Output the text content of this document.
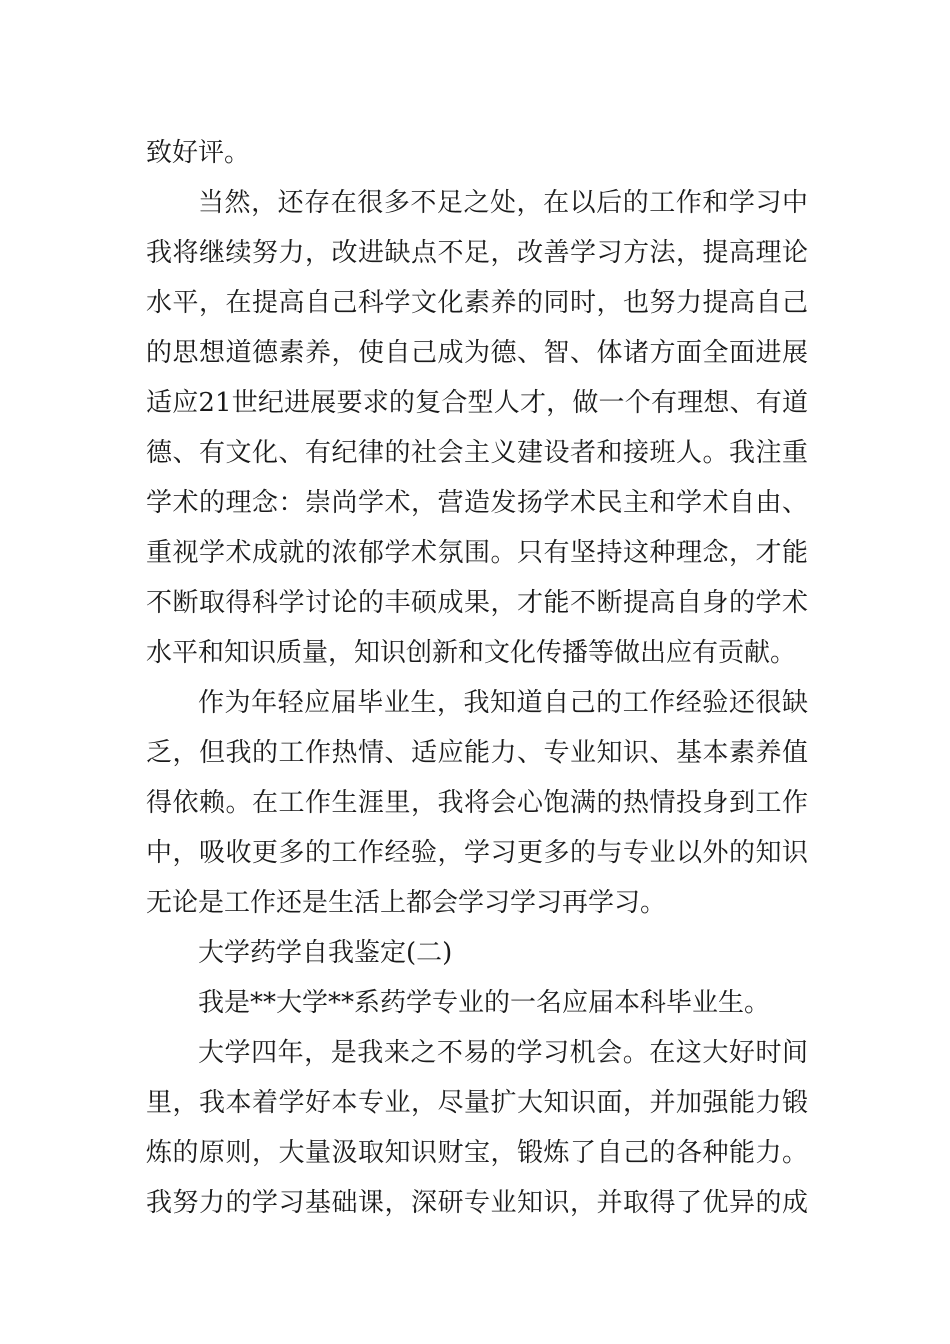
致好评。
当然，还存在很多不足之处，在以后的工作和学习中
我将继续努力，改进缺点不足，改善学习方法，提高理论
水平，在提高自己科学文化素养的同时，也努力提高自己
的思想道德素养，使自己成为德、智、体诸方面全面进展
适应21世纪进展要求的复合型人才，做一个有理想、有道
德、有文化、有纪律的社会主义建设者和接班人。我注重
学术的理念：崇尚学术，营造发扬学术民主和学术自由、
重视学术成就的浓郁学术氛围。只有坚持这种理念，才能
不断取得科学讨论的丰硕成果，才能不断提高自身的学术
水平和知识质量，知识创新和文化传播等做出应有贡献。
作为年轻应届毕业生，我知道自己的工作经验还很缺
乏，但我的工作热情、适应能力、专业知识、基本素养值
得依赖。在工作生涯里，我将会心饱满的热情投身到工作
中，吸收更多的工作经验，学习更多的与专业以外的知识
无论是工作还是生活上都会学习学习再学习。
大学药学自我鉴定(二)
我是**大学**系药学专业的一名应届本科毕业生。
大学四年，是我来之不易的学习机会。在这大好时间
里，我本着学好本专业，尽量扩大知识面，并加强能力锻
炼的原则，大量汲取知识财宝，锻炼了自己的各种能力。
我努力的学习基础课，深研专业知识，并取得了优异的成
